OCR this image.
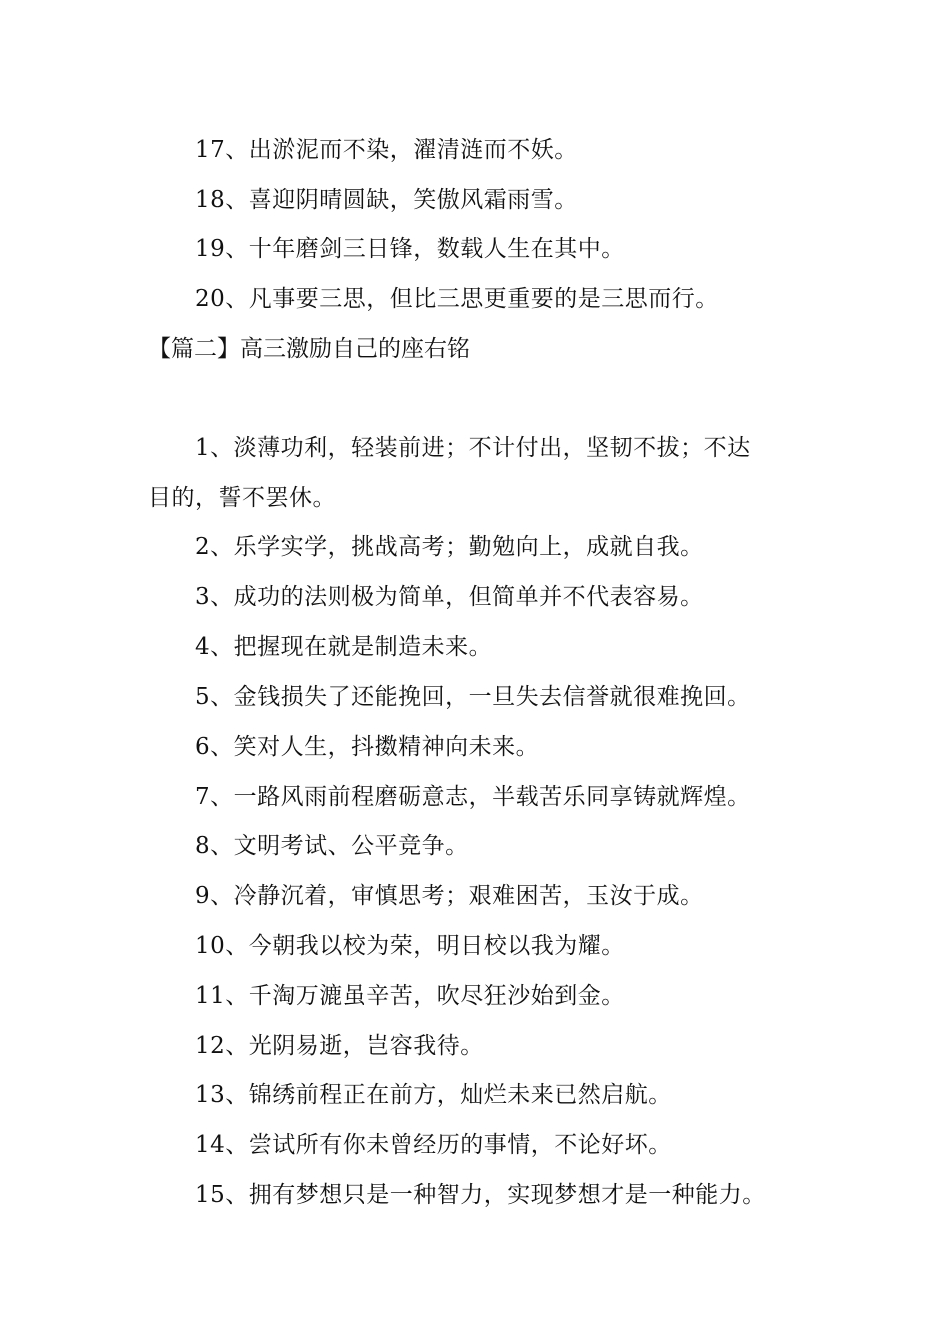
17、出淤泥而不染，濯清涟而不妖。
18、喜迎阴晴圆缺，笑傲风霜雨雪。
19、十年磨剑三日锋，数载人生在其中。
20、凡事要三思，但比三思更重要的是三思而行。
【篇二】高三激励自己的座右铭
1、淡薄功利，轻装前进；不计付出，坚韧不拔；不达
目的，誓不罢休。
2、乐学实学，挑战高考；勤勉向上，成就自我。
3、成功的法则极为简单，但简单并不代表容易。
4、把握现在就是制造未来。
5、金钱损失了还能挽回，一旦失去信誉就很难挽回。
6、笑对人生，抖擞精神向未来。
7、一路风雨前程磨砺意志，半载苦乐同享铸就辉煌。
8、文明考试、公平竞争。
9、冷静沉着，审慎思考；艰难困苦，玉汝于成。
10、今朝我以校为荣，明日校以我为耀。
11、千淘万漉虽辛苦，吹尽狂沙始到金。
12、光阴易逝，岂容我待。
13、锦绣前程正在前方，灿烂未来已然启航。
14、尝试所有你未曾经历的事情，不论好坏。
15、拥有梦想只是一种智力，实现梦想才是一种能力。
